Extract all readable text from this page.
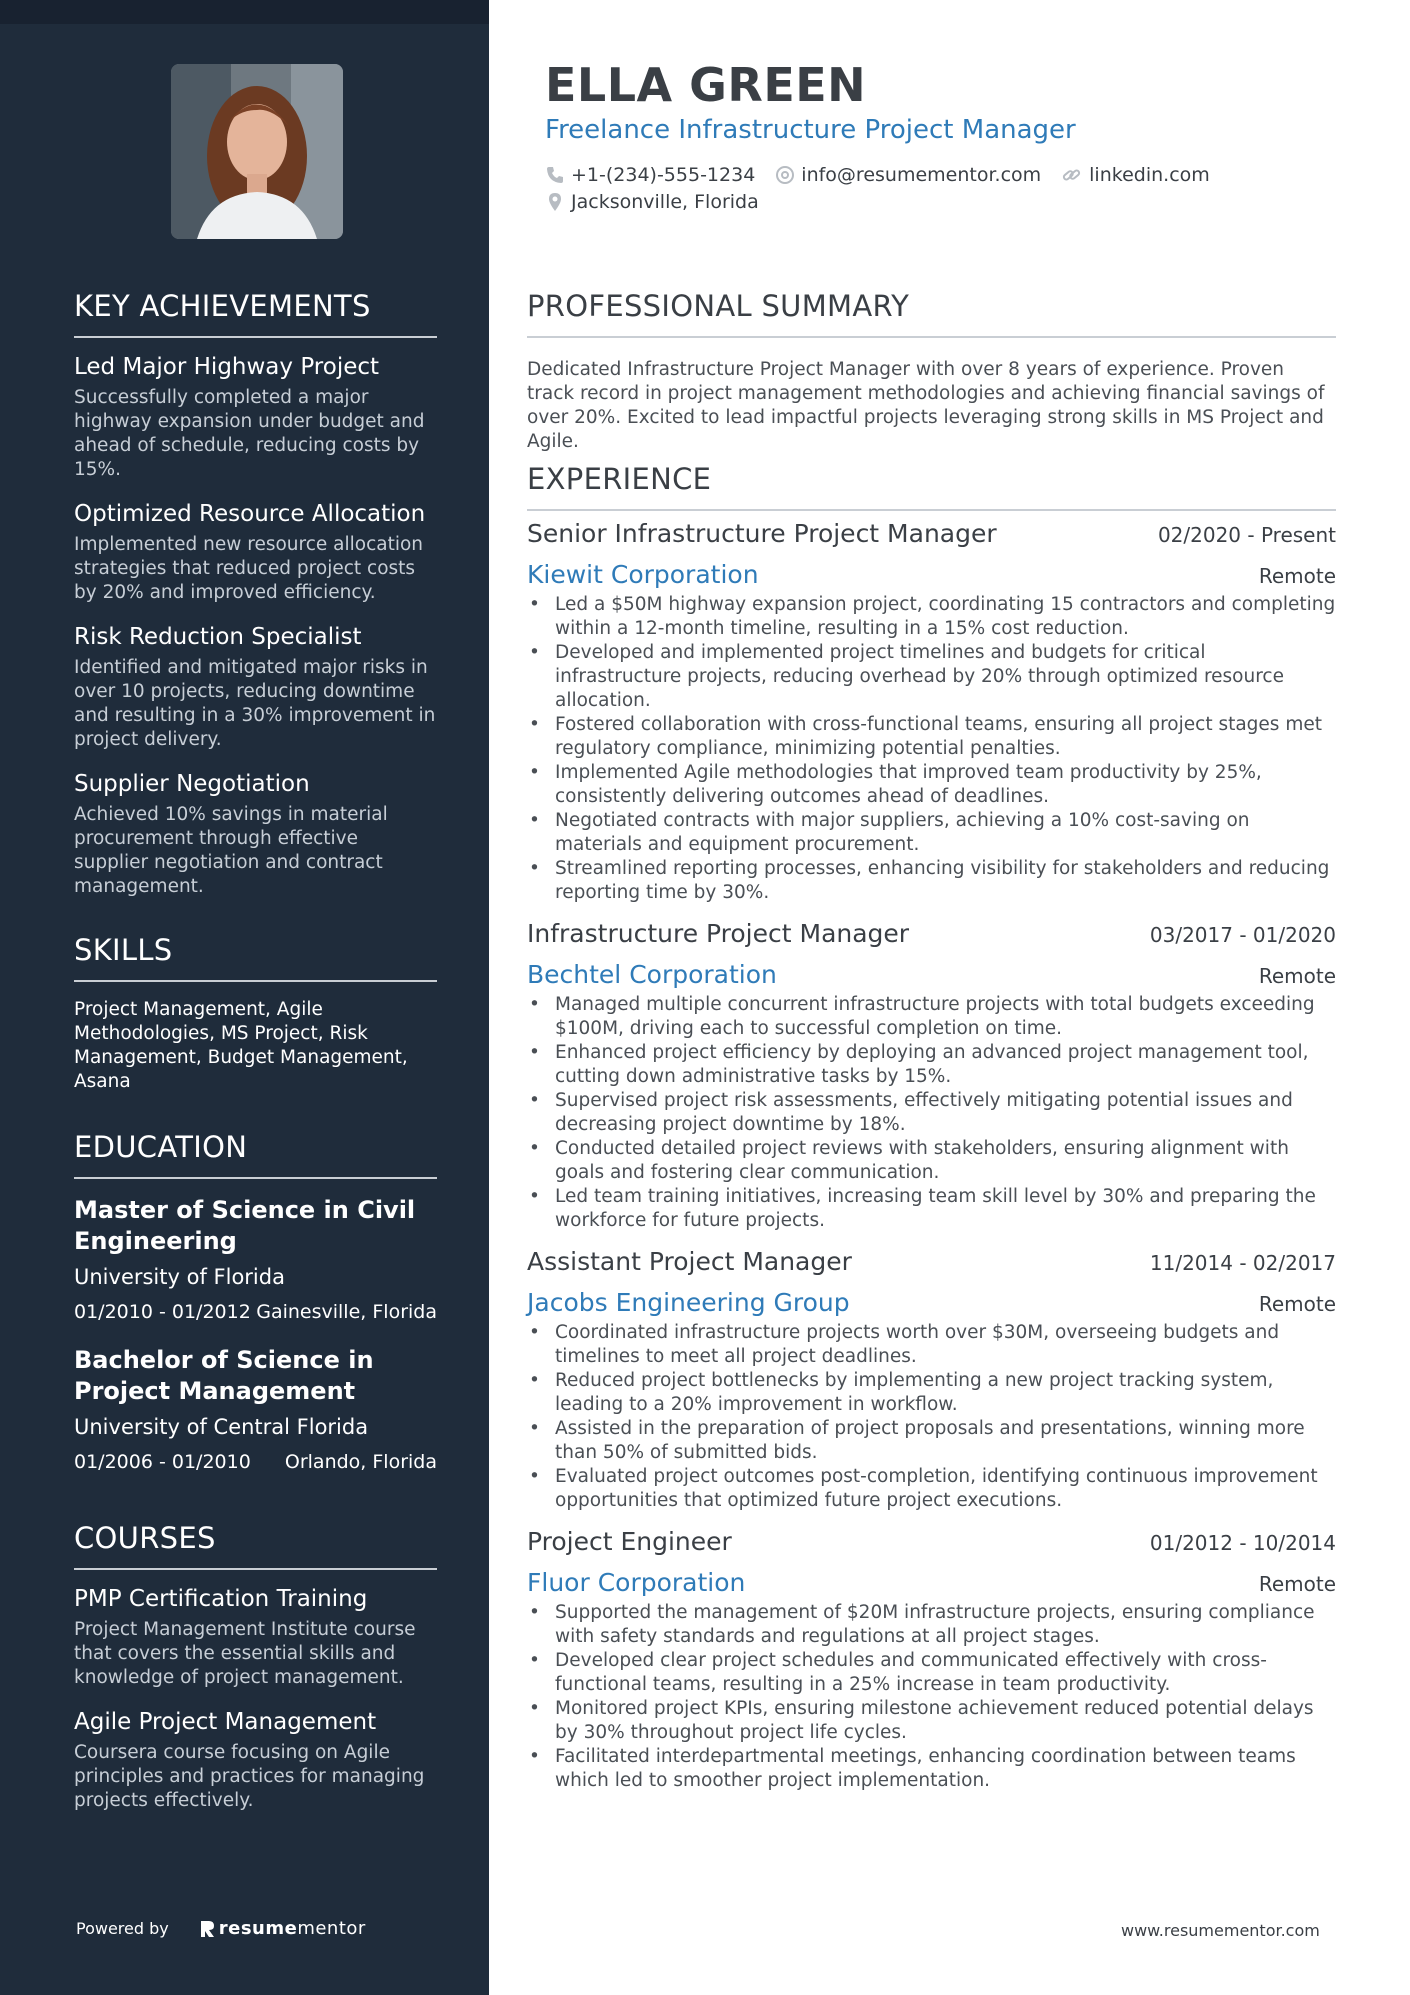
KEY ACHIEVEMENTS
Led Major Highway Project
Successfully completed a major highway expansion under budget and ahead of schedule, reducing costs by 15%.
Optimized Resource Allocation
Implemented new resource allocation strategies that reduced project costs by 20% and improved efficiency.
Risk Reduction Specialist
Identified and mitigated major risks in over 10 projects, reducing downtime and resulting in a 30% improvement in project delivery.
Supplier Negotiation
Achieved 10% savings in material procurement through effective supplier negotiation and contract management.
SKILLS
Project Management, Agile Methodologies, MS Project, Risk Management, Budget Management, Asana
EDUCATION
Master of Science in Civil Engineering
University of Florida
01/2010 - 01/2012 Gainesville, Florida
Bachelor of Science in Project Management
University of Central Florida
01/2006 - 01/2010 Orlando, Florida
COURSES
PMP Certification Training
Project Management Institute course that covers the essential skills and knowledge of project management.
Agile Project Management
Coursera course focusing on Agile principles and practices for managing projects effectively.
Powered by	resumementor
ELLA GREEN
Freelance Infrastructure Project Manager
+1-(234)-555-1234 info@resumementor.com	linkedin.com
Jacksonville, Florida
PROFESSIONAL SUMMARY
Dedicated Infrastructure Project Manager with over 8 years of experience. Proven track record in project management methodologies and achieving financial savings of over 20%. Excited to lead impactful projects leveraging strong skills in MS Project and Agile.
EXPERIENCE
Senior Infrastructure Project Manager	02/2020 - Present
Kiewit Corporation	Remote
• Led a $50M highway expansion project, coordinating 15 contractors and completing within a 12-month timeline, resulting in a 15% cost reduction.
• Developed and implemented project timelines and budgets for critical infrastructure projects, reducing overhead by 20% through optimized resource allocation.
• Fostered collaboration with cross-functional teams, ensuring all project stages met regulatory compliance, minimizing potential penalties.
• Implemented Agile methodologies that improved team productivity by 25%, consistently delivering outcomes ahead of deadlines.
• Negotiated contracts with major suppliers, achieving a 10% cost-saving on materials and equipment procurement.
• Streamlined reporting processes, enhancing visibility for stakeholders and reducing reporting time by 30%.
Infrastructure Project Manager	03/2017 - 01/2020
Bechtel Corporation	Remote
• Managed multiple concurrent infrastructure projects with total budgets exceeding $100M, driving each to successful completion on time.
• Enhanced project efficiency by deploying an advanced project management tool, cutting down administrative tasks by 15%.
• Supervised project risk assessments, effectively mitigating potential issues and decreasing project downtime by 18%.
• Conducted detailed project reviews with stakeholders, ensuring alignment with goals and fostering clear communication.
• Led team training initiatives, increasing team skill level by 30% and preparing the workforce for future projects.
Assistant Project Manager	11/2014 - 02/2017
Jacobs Engineering Group	Remote
• Coordinated infrastructure projects worth over $30M, overseeing budgets and timelines to meet all project deadlines.
• Reduced project bottlenecks by implementing a new project tracking system, leading to a 20% improvement in workflow.
• Assisted in the preparation of project proposals and presentations, winning more than 50% of submitted bids.
• Evaluated project outcomes post-completion, identifying continuous improvement opportunities that optimized future project executions.
Project Engineer	01/2012 - 10/2014
Fluor Corporation	Remote
• Supported the management of $20M infrastructure projects, ensuring compliance with safety standards and regulations at all project stages.
• Developed clear project schedules and communicated effectively with cross-functional teams, resulting in a 25% increase in team productivity.
• Monitored project KPIs, ensuring milestone achievement reduced potential delays by 30% throughout project life cycles.
• Facilitated interdepartmental meetings, enhancing coordination between teams which led to smoother project implementation.
www.resumementor.com
